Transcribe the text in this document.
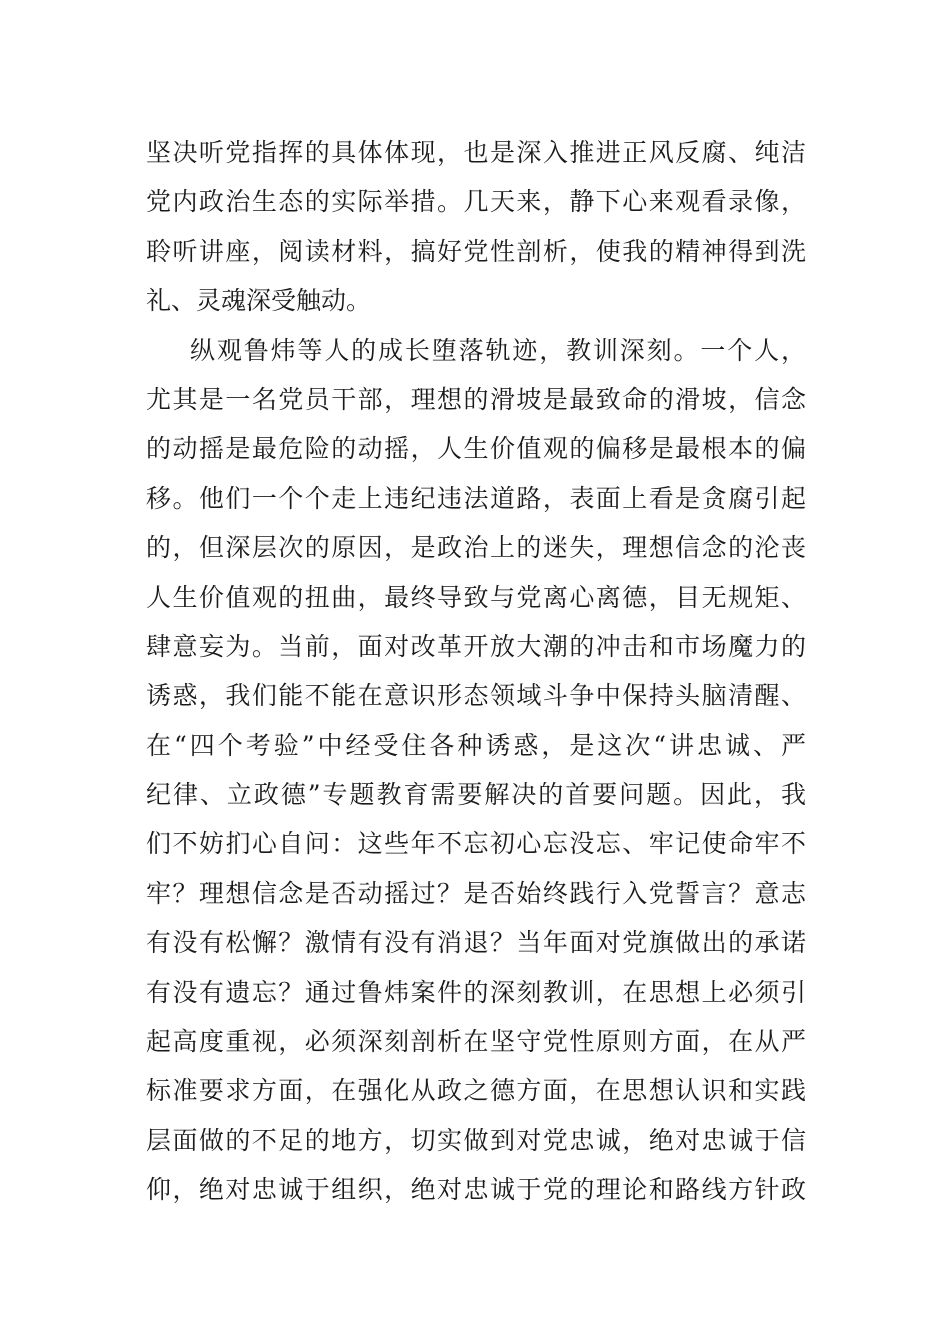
坚决听党指挥的具体体现，也是深入推进正风反腐、纯洁
党内政治生态的实际举措。几天来，静下心来观看录像，
聆听讲座，阅读材料，搞好党性剖析，使我的精神得到洗
礼、灵魂深受触动。
纵观鲁炜等人的成长堕落轨迹，教训深刻。一个人，
尤其是一名党员干部，理想的滑坡是最致命的滑坡，信念
的动摇是最危险的动摇，人生价值观的偏移是最根本的偏
移。他们一个个走上违纪违法道路，表面上看是贪腐引起
的，但深层次的原因，是政治上的迷失，理想信念的沦丧
人生价值观的扭曲，最终导致与党离心离德，目无规矩、
肆意妄为。当前，面对改革开放大潮的冲击和市场魔力的
诱惑，我们能不能在意识形态领域斗争中保持头脑清醒、
在“四个考验”中经受住各种诱惑，是这次“讲忠诚、严
纪律、立政德”专题教育需要解决的首要问题。因此，我
们不妨扪心自问：这些年不忘初心忘没忘、牢记使命牢不
牢？理想信念是否动摇过？是否始终践行入党誓言？意志
有没有松懈？激情有没有消退？当年面对党旗做出的承诺
有没有遗忘？通过鲁炜案件的深刻教训，在思想上必须引
起高度重视，必须深刻剖析在坚守党性原则方面，在从严
标准要求方面，在强化从政之德方面，在思想认识和实践
层面做的不足的地方，切实做到对党忠诚，绝对忠诚于信
仰，绝对忠诚于组织，绝对忠诚于党的理论和路线方针政
